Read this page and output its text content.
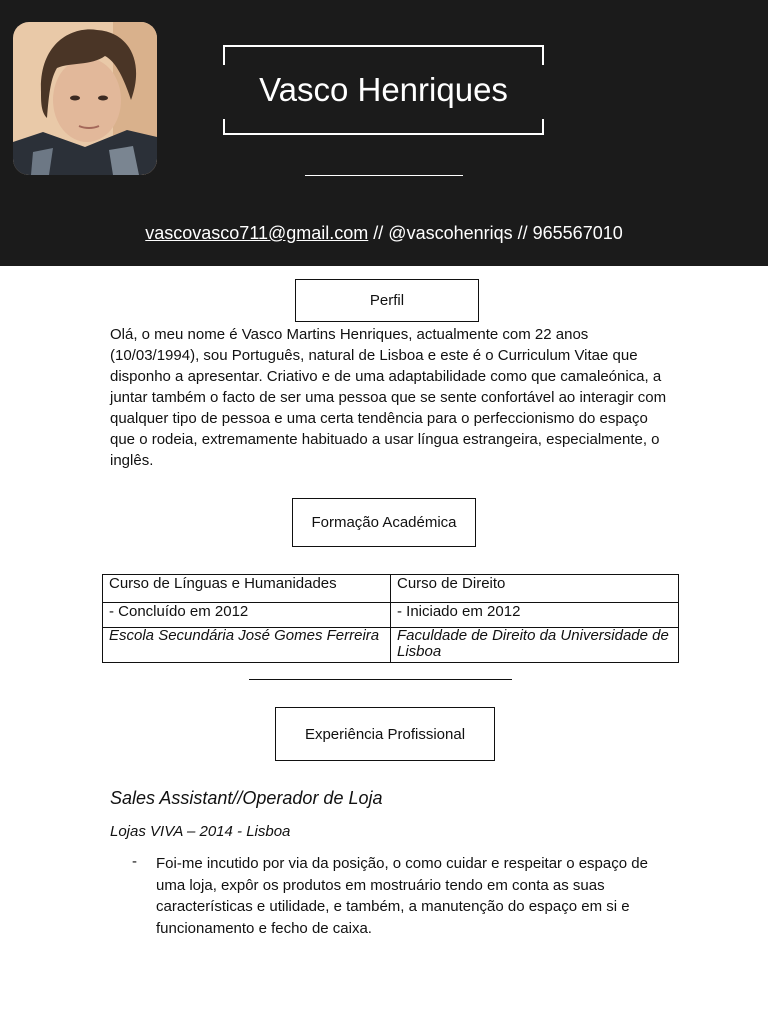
Vasco Henriques
vascovasco711@gmail.com // @vascohenriqs // 965567010
Perfil
Olá, o meu nome é Vasco Martins Henriques, actualmente com 22 anos (10/03/1994), sou Português, natural de Lisboa e este é o Curriculum Vitae que disponho a apresentar. Criativo e de uma adaptabilidade como que camaleónica, a juntar também o facto de ser uma pessoa que se sente confortável ao interagir com qualquer tipo de pessoa e uma certa tendência para o perfeccionismo do espaço que o rodeia, extremamente habituado a usar língua estrangeira, especialmente, o inglês.
Formação Académica
Curso de Línguas e Humanidades	Curso de Direito
- Concluído em 2012	- Iniciado em 2012
Escola Secundária José Gomes Ferreira	Faculdade de Direito da Universidade de Lisboa
Experiência Profissional
Sales Assistant//Operador de Loja
Lojas VIVA – 2014 - Lisboa
- Foi-me incutido por via da posição, o como cuidar e respeitar o espaço de uma loja, expôr os produtos em mostruário tendo em conta as suas características e utilidade, e também, a manutenção do espaço em si e funcionamento e fecho de caixa.
